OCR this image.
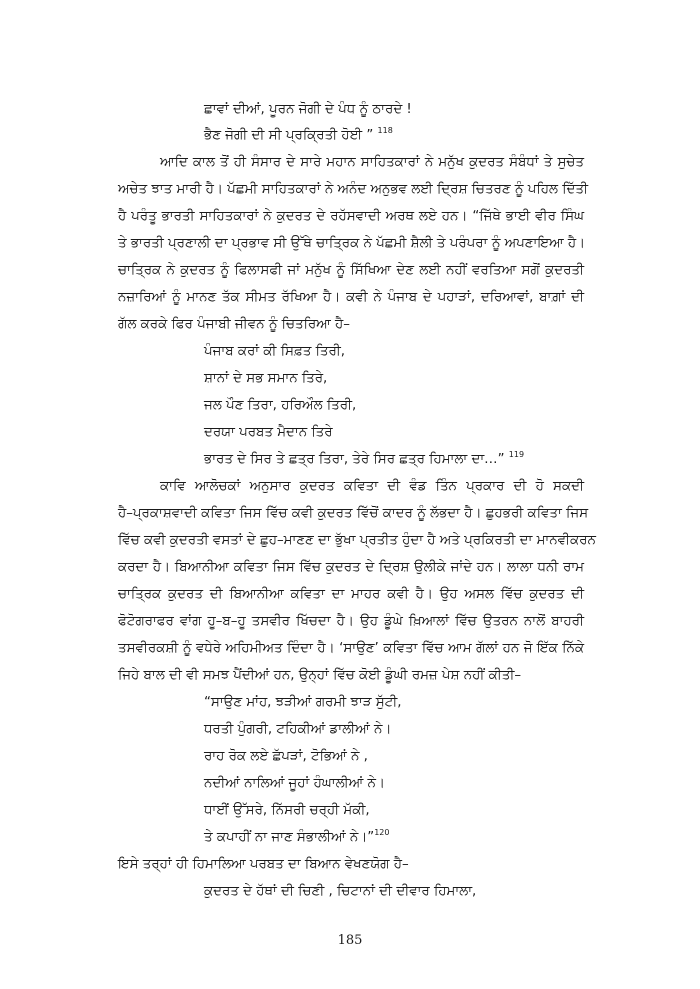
ਛਾਵਾਂ ਦੀਆਂ, ਪੂਰਨ ਜੋਗੀ ਦੇ ਪੰਧ ਨੂੰ ਠਾਰਦੇ !
ਭੈਣ ਜੋਗੀ ਦੀ ਸੀ ਪ੍ਰਕ੍ਰਿਤੀ ਹੋਈ ” $^{118}$
ਆਦਿ ਕਾਲ ਤੋਂ ਹੀ ਸੰਸਾਰ ਦੇ ਸਾਰੇ ਮਹਾਨ ਸਾਹਿਤਕਾਰਾਂ ਨੇ ਮਨੁੱਖ ਕੁਦਰਤ ਸੰਬੰਧਾਂ ਤੇ ਸੁਚੇਤ
ਅਚੇਤ ਝਾਤ ਮਾਰੀ ਹੈ। ਪੱਛਮੀ ਸਾਹਿਤਕਾਰਾਂ ਨੇ ਅਨੰਦ ਅਨੁਭਵ ਲਈ ਦ੍ਰਿਸ਼ ਚਿਤਰਣ ਨੂੰ ਪਹਿਲ ਦਿੱਤੀ
ਹੈ ਪਰੰਤੂ ਭਾਰਤੀ ਸਾਹਿਤਕਾਰਾਂ ਨੇ ਕੁਦਰਤ ਦੇ ਰਹੱਸਵਾਦੀ ਅਰਥ ਲਏ ਹਨ। “ਜਿੱਥੇ ਭਾਈ ਵੀਰ ਸਿੰਘ
ਤੇ ਭਾਰਤੀ ਪ੍ਰਣਾਲੀ ਦਾ ਪ੍ਰਭਾਵ ਸੀ ਉੱਥੇ ਚਾਤ੍ਰਿਕ ਨੇ ਪੱਛਮੀ ਸ਼ੈਲੀ ਤੇ ਪਰੰਪਰਾ ਨੂੰ ਅਪਣਾਇਆ ਹੈ।
ਚਾਤ੍ਰਿਕ ਨੇ ਕੁਦਰਤ ਨੂੰ ਫਿਲਾਸਫੀ ਜਾਂ ਮਨੁੱਖ ਨੂੰ ਸਿੱਖਿਆ ਦੇਣ ਲਈ ਨਹੀਂ ਵਰਤਿਆ ਸਗੋਂ ਕੁਦਰਤੀ
ਨਜ਼ਾਰਿਆਂ ਨੂੰ ਮਾਨਣ ਤੱਕ ਸੀਮਤ ਰੱਖਿਆ ਹੈ। ਕਵੀ ਨੇ ਪੰਜਾਬ ਦੇ ਪਹਾੜਾਂ, ਦਰਿਆਵਾਂ, ਬਾਗ਼ਾਂ ਦੀ
ਗੱਲ ਕਰਕੇ ਫਿਰ ਪੰਜਾਬੀ ਜੀਵਨ ਨੂੰ ਚਿਤਰਿਆ ਹੈ–
ਪੰਜਾਬ ਕਰਾਂ ਕੀ ਸਿਫ਼ਤ ਤਿਰੀ,
ਸ਼ਾਨਾਂ ਦੇ ਸਭ ਸਮਾਨ ਤਿਰੇ,
ਜਲ ਪੌਣ ਤਿਰਾ, ਹਰਿਔਲ ਤਿਰੀ,
ਦਰਯਾ ਪਰਬਤ ਮੈਦਾਨ ਤਿਰੇ
ਭਾਰਤ ਦੇ ਸਿਰ ਤੇ ਛਤ੍ਰ ਤਿਰਾ, ਤੇਰੇ ਸਿਰ ਛਤ੍ਰ ਹਿਮਾਲਾ ਦਾ…” $^{119}$
ਕਾਵਿ ਆਲੋਚਕਾਂ ਅਨੁਸਾਰ ਕੁਦਰਤ ਕਵਿਤਾ ਦੀ ਵੰਡ ਤਿੰਨ ਪ੍ਰਕਾਰ ਦੀ ਹੋ ਸਕਦੀ
ਹੈ–ਪ੍ਰਕਾਸ਼ਵਾਦੀ ਕਵਿਤਾ ਜਿਸ ਵਿੱਚ ਕਵੀ ਕੁਦਰਤ ਵਿੱਚੋਂ ਕਾਦਰ ਨੂੰ ਲੱਭਦਾ ਹੈ। ਛੁਹਭਰੀ ਕਵਿਤਾ ਜਿਸ
ਵਿੱਚ ਕਵੀ ਕੁਦਰਤੀ ਵਸਤਾਂ ਦੇ ਛੁਹ–ਮਾਣਣ ਦਾ ਭੁੱਖਾ ਪ੍ਰਤੀਤ ਹੁੰਦਾ ਹੈ ਅਤੇ ਪ੍ਰਕਿਰਤੀ ਦਾ ਮਾਨਵੀਕਰਨ
ਕਰਦਾ ਹੈ। ਬਿਆਨੀਆ ਕਵਿਤਾ ਜਿਸ ਵਿੱਚ ਕੁਦਰਤ ਦੇ ਦ੍ਰਿਸ਼ ਉਲੀਕੇ ਜਾਂਦੇ ਹਨ। ਲਾਲਾ ਧਨੀ ਰਾਮ
ਚਾਤ੍ਰਿਕ ਕੁਦਰਤ ਦੀ ਬਿਆਨੀਆ ਕਵਿਤਾ ਦਾ ਮਾਹਰ ਕਵੀ ਹੈ। ਉਹ ਅਸਲ ਵਿੱਚ ਕੁਦਰਤ ਦੀ
ਫੋਟੋਗਰਾਫਰ ਵਾਂਗ ਹੂ–ਬ–ਹੂ ਤਸਵੀਰ ਖਿੱਚਦਾ ਹੈ। ਉਹ ਡੂੰਘੇ ਖ਼ਿਆਲਾਂ ਵਿੱਚ ਉਤਰਨ ਨਾਲੋਂ ਬਾਹਰੀ
ਤਸਵੀਰਕਸ਼ੀ ਨੂੰ ਵਧੇਰੇ ਅਹਿਮੀਅਤ ਦਿੰਦਾ ਹੈ। ‘ਸਾਉਣ’ ਕਵਿਤਾ ਵਿੱਚ ਆਮ ਗੱਲਾਂ ਹਨ ਜੋ ਇੱਕ ਨਿੱਕੇ
ਜਿਹੇ ਬਾਲ ਦੀ ਵੀ ਸਮਝ ਪੈਂਦੀਆਂ ਹਨ, ਉਨ੍ਹਾਂ ਵਿੱਚ ਕੋਈ ਡੂੰਘੀ ਰਮਜ਼ ਪੇਸ਼ ਨਹੀਂ ਕੀਤੀ–
“ਸਾਉਣ ਮਾਂਹ, ਝੜੀਆਂ ਗਰਮੀ ਝਾੜ ਸੁੱਟੀ,
ਧਰਤੀ ਪੁੰਗਰੀ, ਟਹਿਕੀਆਂ ਡਾਲੀਆਂ ਨੇ।
ਰਾਹ ਰੋਕ ਲਏ ਛੱਪੜਾਂ, ਟੋਭਿਆਂ ਨੇ ,
ਨਦੀਆਂ ਨਾਲਿਆਂ ਜੂਹਾਂ ਹੰਘਾਲੀਆਂ ਨੇ।
ਧਾਈਂ ਉੱਸਰੇ, ਨਿੱਸਰੀ ਚਰ੍ਹੀ ਮੱਕੀ,
ਤੇ ਕਪਾਹੀਂ ਨਾ ਜਾਣ ਸੰਭਾਲੀਆਂ ਨੇ।”$^{120}$
ਇਸੇ ਤਰ੍ਹਾਂ ਹੀ ਹਿਮਾਲਿਆ ਪਰਬਤ ਦਾ ਬਿਆਨ ਵੇਖਣਯੋਗ ਹੈ–
ਕੁਦਰਤ ਦੇ ਹੱਥਾਂ ਦੀ ਚਿਣੀ , ਚਿਟਾਨਾਂ ਦੀ ਦੀਵਾਰ ਹਿਮਾਲਾ,
185
